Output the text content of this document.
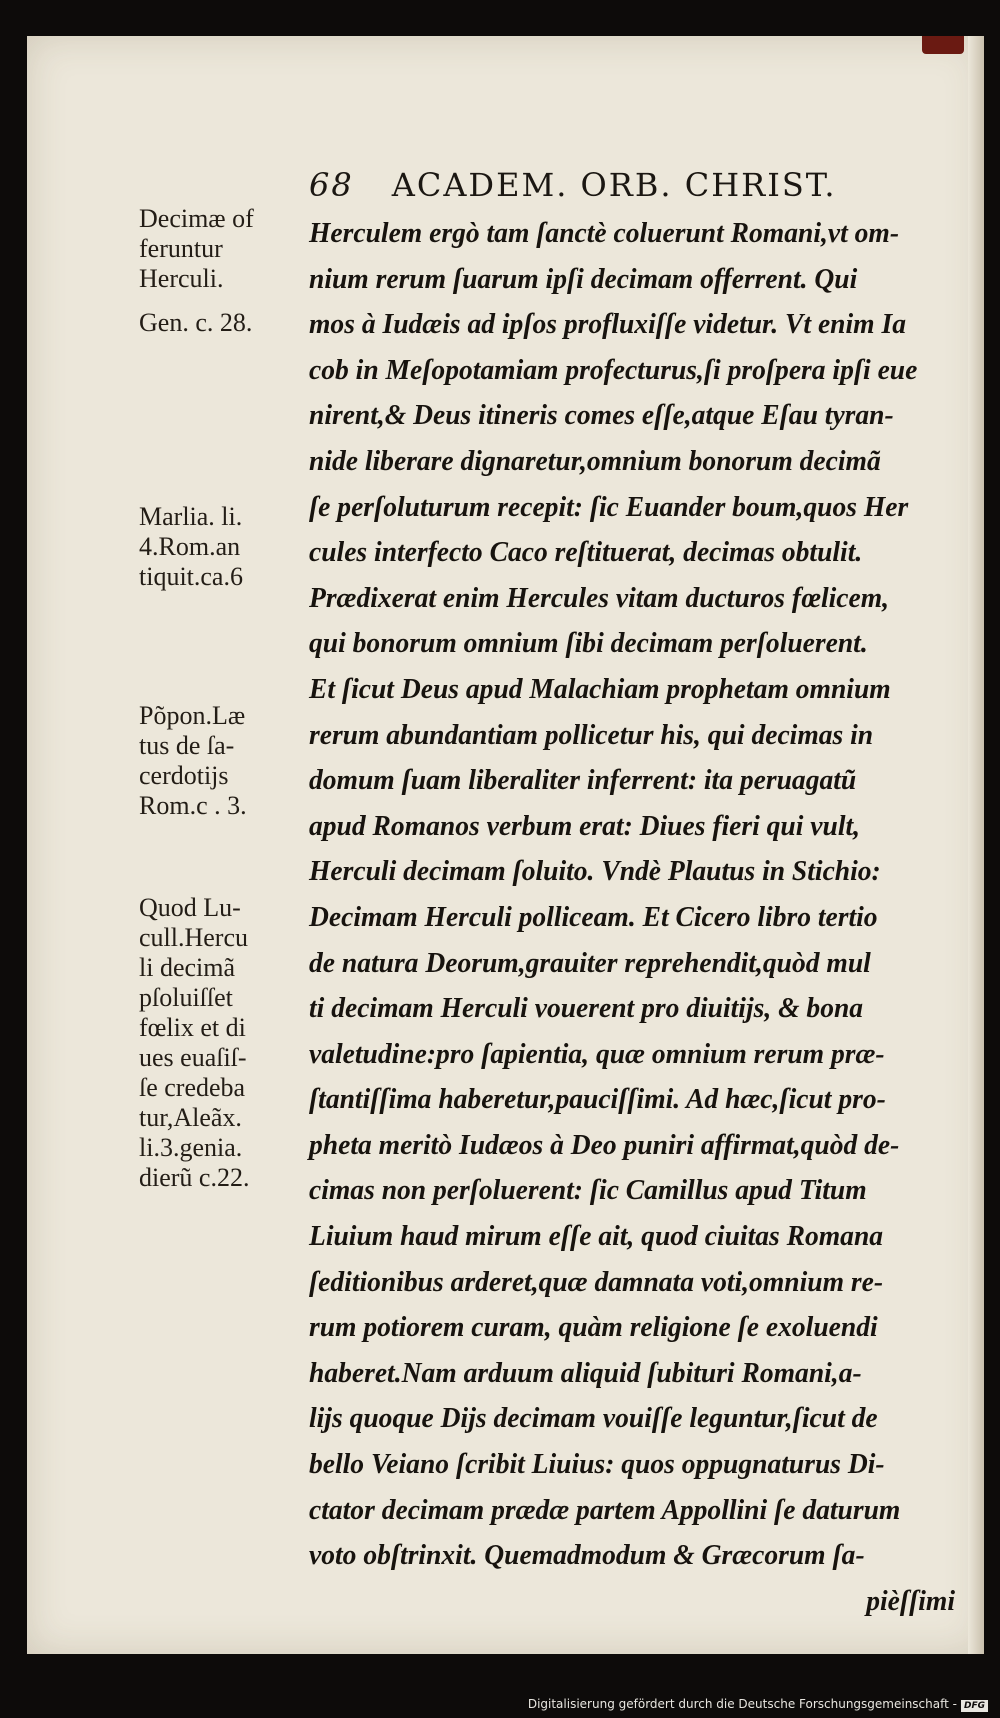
68 ACADEM. ORB. CHRIST.
Herculem ergò tam ſanctè coluerunt Romani,vt om-
nium rerum ſuarum ipſi decimam offerrent. Qui
mos à Iudæis ad ipſos profluxiſſe videtur. Vt enim Ia
cob in Meſopotamiam profecturus,ſi proſpera ipſi eue
nirent,& Deus itineris comes eſſe,atque Eſau tyran-
nide liberare dignaretur,omnium bonorum decimã
ſe perſoluturum recepit: ſic Euander boum,quos Her
cules interfecto Caco reſtituerat, decimas obtulit.
Prædixerat enim Hercules vitam ducturos fœlicem,
qui bonorum omnium ſibi decimam perſoluerent.
Et ſicut Deus apud Malachiam prophetam omnium
rerum abundantiam pollicetur his, qui decimas in
domum ſuam liberaliter inferrent: ita peruagatũ
apud Romanos verbum erat: Diues fieri qui vult,
Herculi decimam ſoluito. Vndè Plautus in Stichio:
Decimam Herculi polliceam. Et Cicero libro tertio
de natura Deorum,grauiter reprehendit,quòd mul
ti decimam Herculi vouerent pro diuitijs, & bona
valetudine:pro ſapientia, quæ omnium rerum præ-
ſtantiſſima haberetur,pauciſſimi. Ad hæc,ſicut pro-
pheta meritò Iudæos à Deo puniri affirmat,quòd de-
cimas non perſoluerent: ſic Camillus apud Titum
Liuium haud mirum eſſe ait, quod ciuitas Romana
ſeditionibus arderet,quæ damnata voti,omnium re-
rum potiorem curam, quàm religione ſe exoluendi
haberet.Nam arduum aliquid ſubituri Romani,a-
lijs quoque Dijs decimam vouiſſe leguntur,ſicut de
bello Veiano ſcribit Liuius: quos oppugnaturus Di-
ctator decimam prædæ partem Appollini ſe daturum
voto obſtrinxit. Quemadmodum & Græcorum ſa-
pièſſimi
Decimæ of
feruntur
Herculi.
Gen. c. 28.
Marlia. li.
4.Rom.an
tiquit.ca.6
Põpon.Læ
tus de ſa-
cerdotijs
Rom.c . 3.
Quod Lu-
cull.Hercu
li decimã
pſoluiſſet
fœlix et di
ues euaſiſ-
ſe credeba
tur,Aleãx.
li.3.genia.
dierũ c.22.
Digitalisierung gefördert durch die Deutsche Forschungsgemeinschaft - DFG
